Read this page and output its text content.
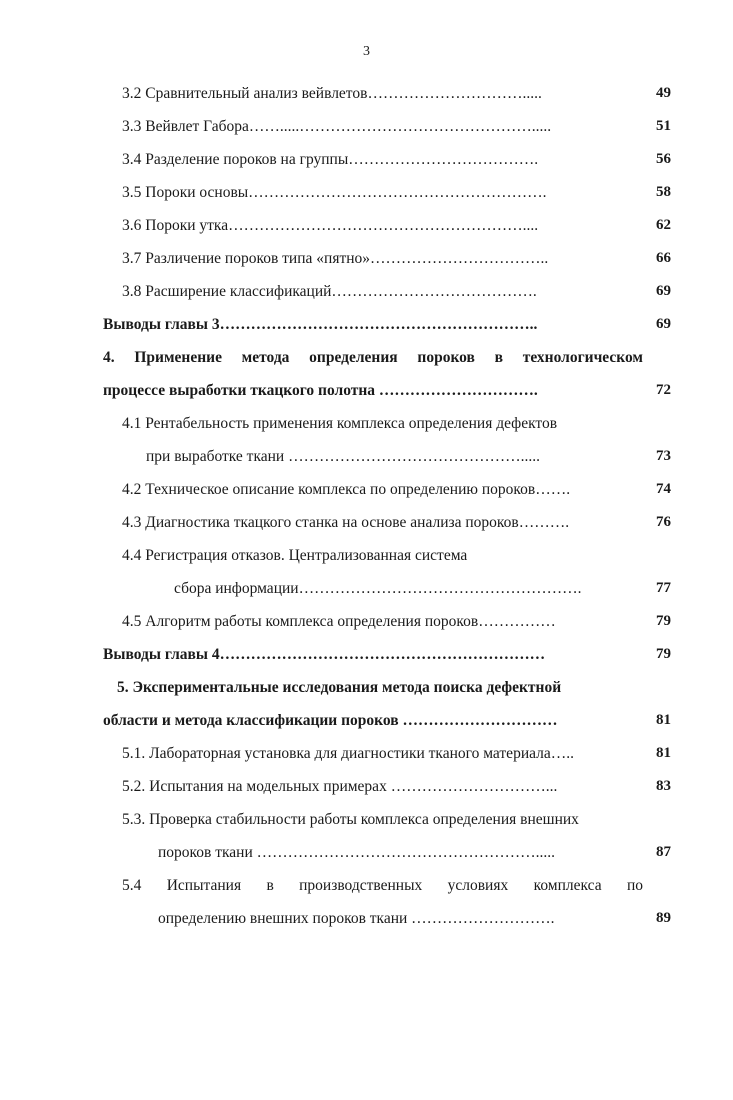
3
3.2 Сравнительный анализ вейвлетов………………………….....	49
3.3 Вейвлет Габора…….....……………………………………….....	51
3.4 Разделение пороков на группы……………………………….	56
3.5 Пороки основы………………………………………………….	58
3.6 Пороки утка…………………………………………………....	62
3.7 Различение пороков типа «пятно»……………………………..	66
3.8 Расширение классификаций………………………………….	69
Выводы главы 3……………………………………………………..	69
4. Применение метода определения пороков в технологическом
процессе выработки ткацкого полотна ………………………….	72
4.1 Рентабельность применения комплекса определения дефектов
при выработке ткани ……………………………………….....	73
4.2 Техническое описание комплекса по определению пороков…….	74
4.3 Диагностика ткацкого станка на основе анализа пороков……….	76
4.4 Регистрация отказов. Централизованная система
сбора информации……………………………………………….	77
4.5 Алгоритм работы комплекса определения пороков……………	79
Выводы главы 4………………………………………………………	79
5. Экспериментальные исследования метода поиска дефектной
области и метода классификации пороков …………………………	81
5.1. Лабораторная установка для диагностики тканого материала…..	81
5.2. Испытания на модельных примерах …………………………...	83
5.3. Проверка стабильности работы комплекса определения внешних
пороков ткани ……………………………………………….....	87
5.4 Испытания в производственных условиях комплекса по
определению внешних пороков ткани ……………………….	89
